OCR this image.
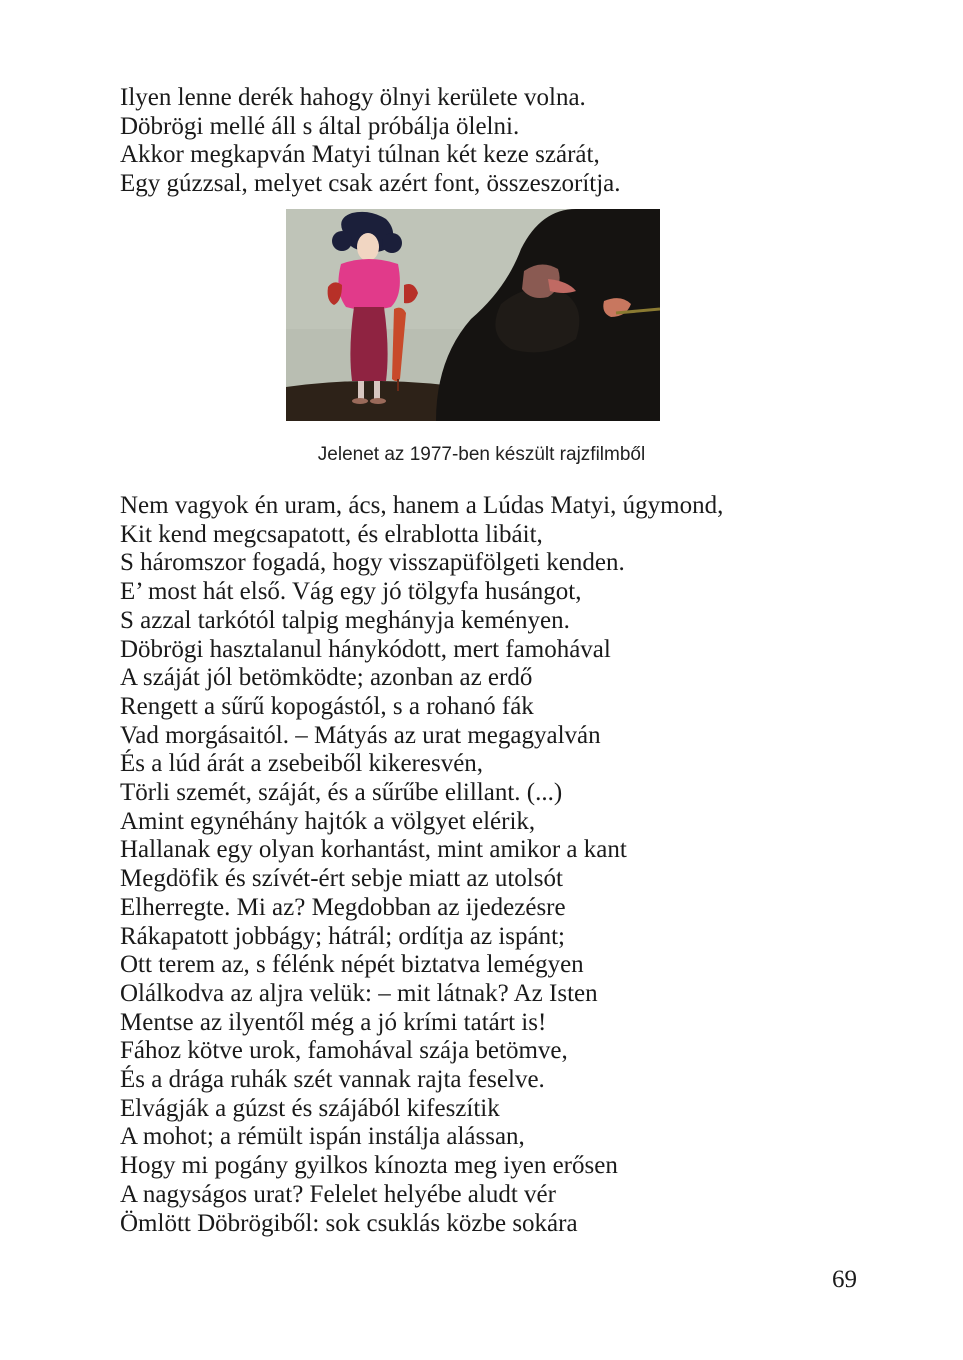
Ilyen lenne derék hahogy ölnyi kerülete volna.
Döbrögi mellé áll s által próbálja ölelni.
Akkor megkapván Matyi túlnan két keze szárát,
Egy gúzzsal, melyet csak azért font, összeszorítja.
Jelenet az 1977-ben készült rajzfilmből
Nem vagyok én uram, ács, hanem a Lúdas Matyi, úgymond,
Kit kend megcsapatott, és elrablotta libáit,
S háromszor fogadá, hogy visszapüfölgeti kenden.
E’ most hát első. Vág egy jó tölgyfa husángot,
S azzal tarkótól talpig meghányja keményen.
Döbrögi hasztalanul hánykódott, mert famohával
A száját jól betömködte; azonban az erdő
Rengett a sűrű kopogástól, s a rohanó fák
Vad morgásaitól. – Mátyás az urat megagyalván
És a lúd árát a zsebeiből kikeresvén,
Törli szemét, száját, és a sűrűbe elillant. (...)
Amint egynéhány hajtók a völgyet elérik,
Hallanak egy olyan korhantást, mint amikor a kant
Megdöfik és szívét-ért sebje miatt az utolsót
Elherregte. Mi az? Megdobban az ijedezésre
Rákapatott jobbágy; hátrál; ordítja az ispánt;
Ott terem az, s félénk népét biztatva lemégyen
Olálkodva az aljra velük: – mit látnak? Az Isten
Mentse az ilyentől még a jó krími tatárt is!
Fához kötve urok, famohával szája betömve,
És a drága ruhák szét vannak rajta feselve.
Elvágják a gúzst és szájából kifeszítik
A mohot; a rémült ispán instálja alássan,
Hogy mi pogány gyilkos kínozta meg iyen erősen
A nagyságos urat? Felelet helyébe aludt vér
Ömlött Döbrögiből: sok csuklás közbe sokára
69
